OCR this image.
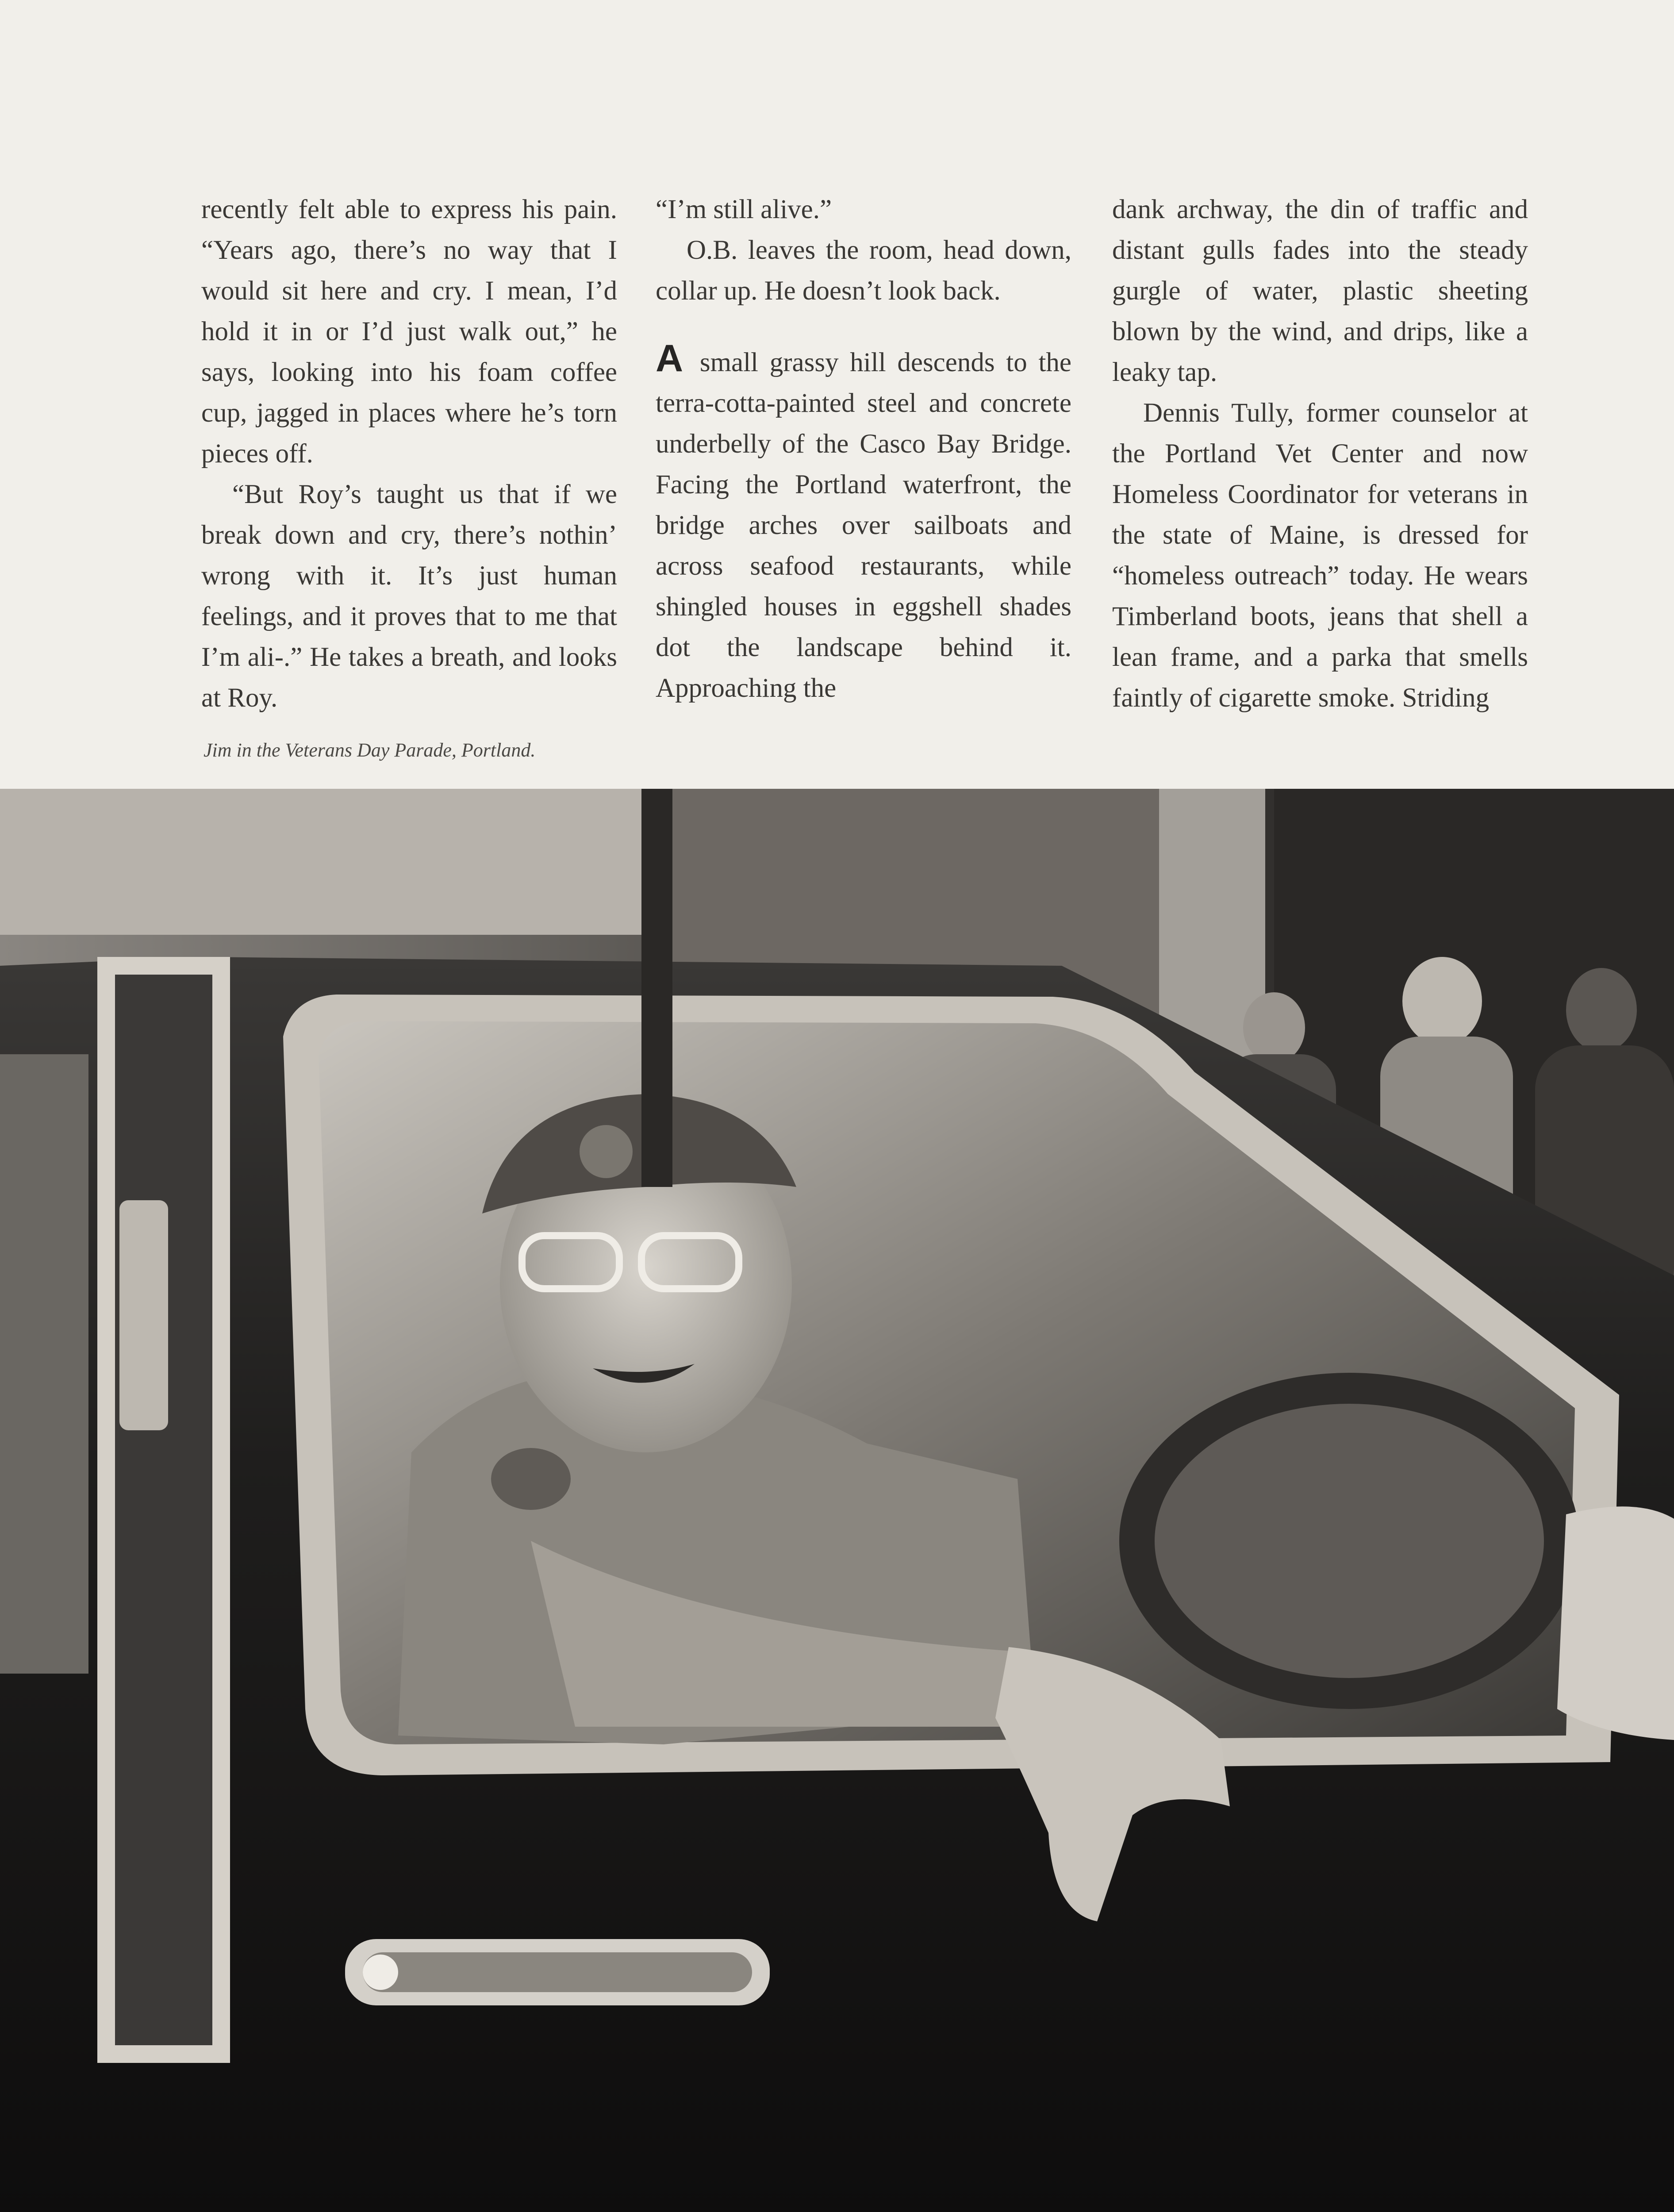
recently felt able to express his pain. “Years ago, there’s no way that I would sit here and cry. I mean, I’d hold it in or I’d just walk out,” he says, looking into his foam coffee cup, jagged in places where he’s torn pieces off.

“But Roy’s taught us that if we break down and cry, there’s nothin’ wrong with it. It’s just human feelings, and it proves that to me that I’m ali-.” He takes a breath, and looks at Roy.

“I’m still alive.”

O.B. leaves the room, head down, collar up. He doesn’t look back.

A small grassy hill descends to the terra-cotta-painted steel and concrete underbelly of the Casco Bay Bridge. Facing the Portland waterfront, the bridge arches over sailboats and across seafood restaurants, while shingled houses in eggshell shades dot the landscape behind it. Approaching the

dank archway, the din of traffic and distant gulls fades into the steady gurgle of water, plastic sheeting blown by the wind, and drips, like a leaky tap.

Dennis Tully, former counselor at the Portland Vet Center and now Homeless Coordinator for veterans in the state of Maine, is dressed for “homeless outreach” today. He wears Timberland boots, jeans that shell a lean frame, and a parka that smells faintly of cigarette smoke. Striding

Jim in the Veterans Day Parade, Portland.
